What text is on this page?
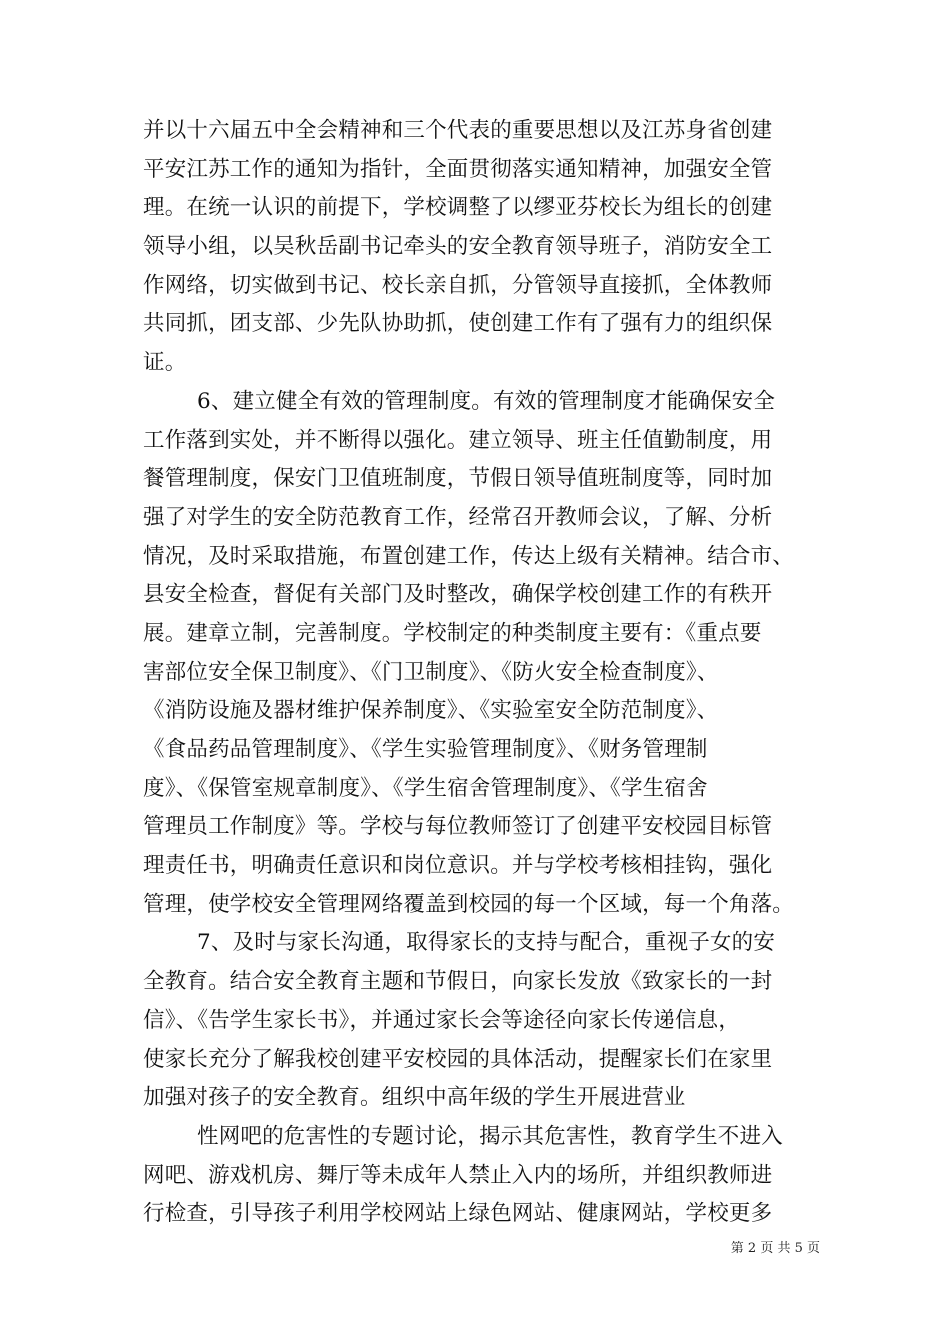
并以十六届五中全会精神和三个代表的重要思想以及江苏身省创建
平安江苏工作的通知为指针，全面贯彻落实通知精神，加强安全管
理。在统一认识的前提下，学校调整了以缪亚芬校长为组长的创建
领导小组，以吴秋岳副书记牵头的安全教育领导班子，消防安全工
作网络，切实做到书记、校长亲自抓，分管领导直接抓，全体教师
共同抓，团支部、少先队协助抓，使创建工作有了强有力的组织保
证。
6、建立健全有效的管理制度。有效的管理制度才能确保安全
工作落到实处，并不断得以强化。建立领导、班主任值勤制度，用
餐管理制度，保安门卫值班制度，节假日领导值班制度等，同时加
强了对学生的安全防范教育工作，经常召开教师会议，了解、分析
情况，及时采取措施，布置创建工作，传达上级有关精神。结合市、
县安全检查，督促有关部门及时整改，确保学校创建工作的有秩开
展。建章立制，完善制度。学校制定的种类制度主要有：《重点要
害部位安全保卫制度》、《门卫制度》、《防火安全检查制度》、
《消防设施及器材维护保养制度》、《实验室安全防范制度》、
《食品药品管理制度》、《学生实验管理制度》、《财务管理制
度》、《保管室规章制度》、《学生宿舍管理制度》、《学生宿舍
管理员工作制度》等。学校与每位教师签订了创建平安校园目标管
理责任书，明确责任意识和岗位意识。并与学校考核相挂钩，强化
管理，使学校安全管理网络覆盖到校园的每一个区域，每一个角落。
7、及时与家长沟通，取得家长的支持与配合，重视子女的安
全教育。结合安全教育主题和节假日，向家长发放《致家长的一封
信》、《告学生家长书》，并通过家长会等途径向家长传递信息，
使家长充分了解我校创建平安校园的具体活动，提醒家长们在家里
加强对孩子的安全教育。组织中高年级的学生开展进营业
性网吧的危害性的专题讨论，揭示其危害性，教育学生不进入
网吧、游戏机房、舞厅等未成年人禁止入内的场所，并组织教师进
行检查，引导孩子利用学校网站上绿色网站、健康网站，学校更多
第 2 页 共 5 页
